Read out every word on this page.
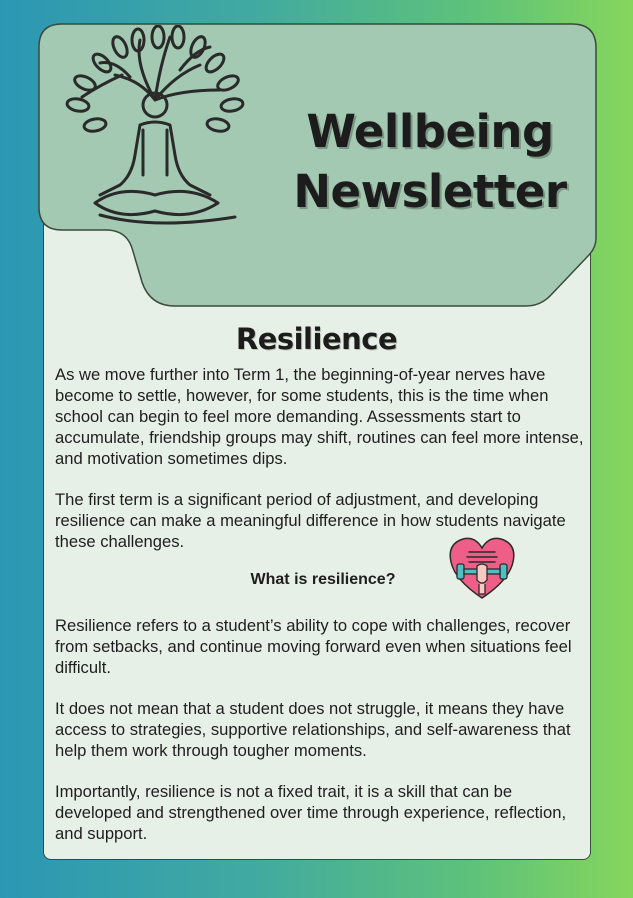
Wellbeing
Newsletter
Resilience

As we move further into Term 1, the beginning-of-year nerves have become to settle, however, for some students, this is the time when school can begin to feel more demanding. Assessments start to accumulate, friendship groups may shift, routines can feel more intense, and motivation sometimes dips.

The first term is a significant period of adjustment, and developing resilience can make a meaningful difference in how students navigate these challenges.

What is resilience?

Resilience refers to a student’s ability to cope with challenges, recover from setbacks, and continue moving forward even when situations feel difficult.

It does not mean that a student does not struggle, it means they have access to strategies, supportive relationships, and self-awareness that help them work through tougher moments.

Importantly, resilience is not a fixed trait, it is a skill that can be developed and strengthened over time through experience, reflection, and support.
